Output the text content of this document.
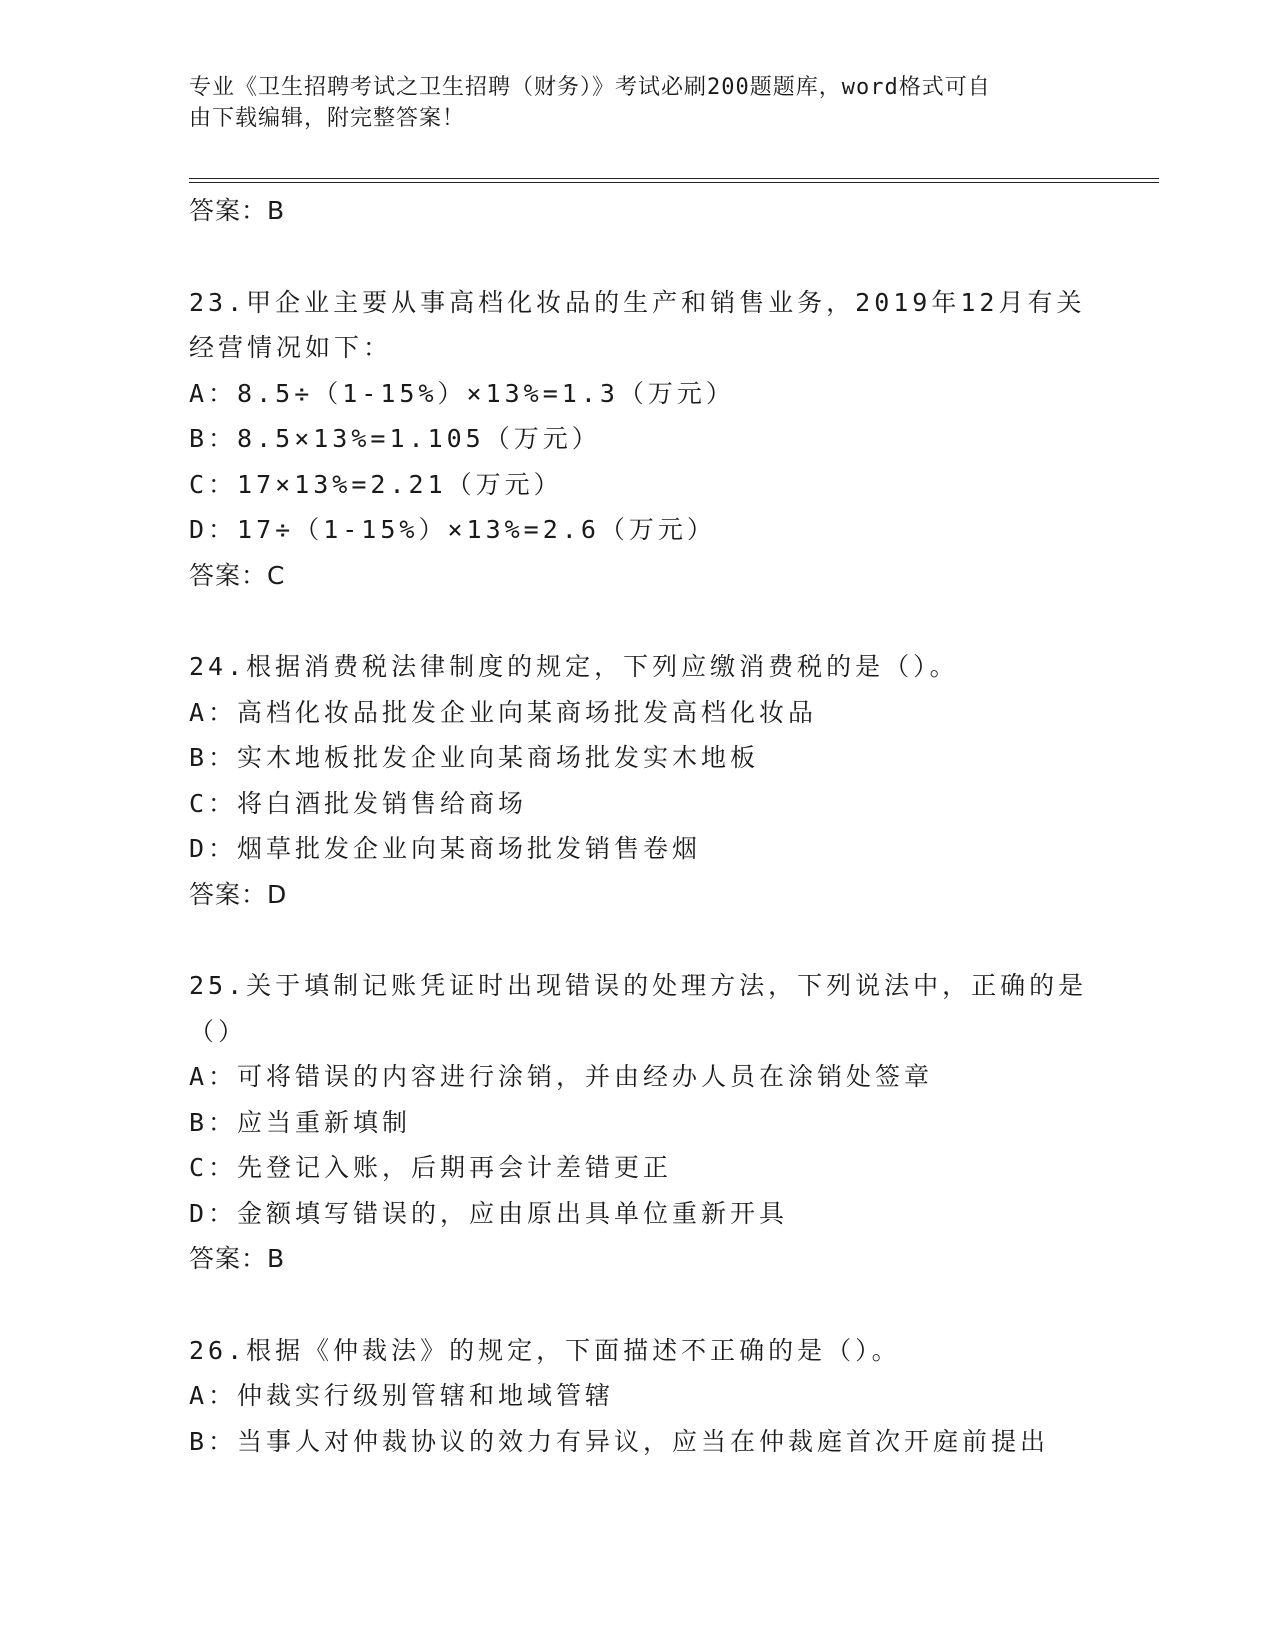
专业《卫生招聘考试之卫生招聘（财务）》考试必刷200题题库，word格式可自
由下载编辑，附完整答案！
答案：B
23.甲企业主要从事高档化妆品的生产和销售业务，2019年12月有关
经营情况如下：
A：8.5÷（1-15%）×13%=1.3（万元）
B：8.5×13%=1.105（万元）
C：17×13%=2.21（万元）
D：17÷（1-15%）×13%=2.6（万元）
答案：C
24.根据消费税法律制度的规定，下列应缴消费税的是（）。
A：高档化妆品批发企业向某商场批发高档化妆品
B：实木地板批发企业向某商场批发实木地板
C：将白酒批发销售给商场
D：烟草批发企业向某商场批发销售卷烟
答案：D
25.关于填制记账凭证时出现错误的处理方法，下列说法中，正确的是
（）
A：可将错误的内容进行涂销，并由经办人员在涂销处签章
B：应当重新填制
C：先登记入账，后期再会计差错更正
D：金额填写错误的，应由原出具单位重新开具
答案：B
26.根据《仲裁法》的规定，下面描述不正确的是（）。
A：仲裁实行级别管辖和地域管辖
B：当事人对仲裁协议的效力有异议，应当在仲裁庭首次开庭前提出
